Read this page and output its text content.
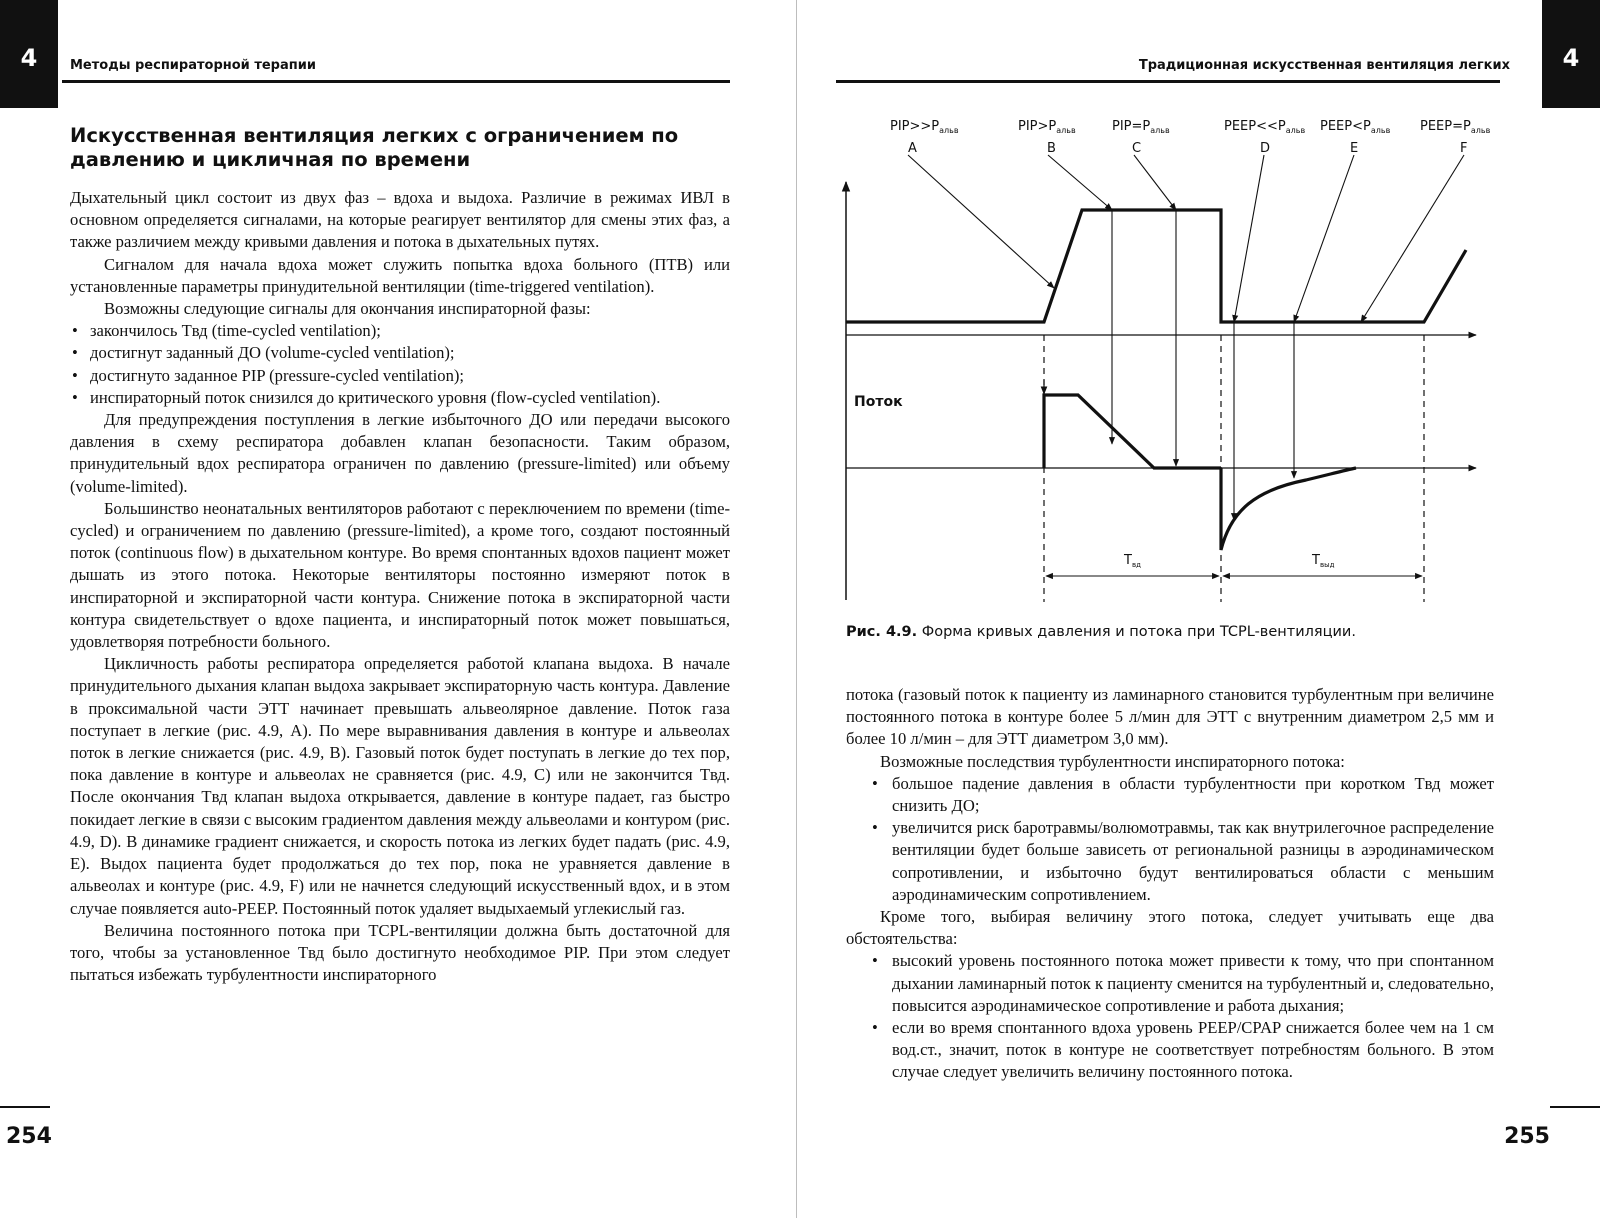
4	Методы респираторной терапии
Искусственная вентиляция легких с ограничением по давлению и цикличная по времени

Дыхательный цикл состоит из двух фаз – вдоха и выдоха. Различие в режимах ИВЛ в основном определяется сигналами, на которые реагирует вентилятор для смены этих фаз, а также различием между кривыми давления и потока в дыхательных путях.

Сигналом для начала вдоха может служить попытка вдоха больного (ПТВ) или установленные параметры принудительной вентиляции (time-triggered ventilation).

Возможны следующие сигналы для окончания инспираторной фазы:

• закончилось Tвд (time-cycled ventilation);
• достигнут заданный ДО (volume-cycled ventilation);
• достигнуто заданное PIP (pressure-cycled ventilation);
• инспираторный поток снизился до критического уровня (flow-cycled ventilation).

Для предупреждения поступления в легкие избыточного ДО или передачи высокого давления в схему респиратора добавлен клапан безопасности. Таким образом, принудительный вдох респиратора ограничен по давлению (pressure-limited) или объему (volume-limited).

Большинство неонатальных вентиляторов работают с переключением по времени (time-cycled) и ограничением по давлению (pressure-limited), а кроме того, создают постоянный поток (continuous flow) в дыхательном контуре. Во время спонтанных вдохов пациент может дышать из этого потока. Некоторые вентиляторы постоянно измеряют поток в инспираторной и экспираторной части контура. Снижение потока в экспираторной части контура свидетельствует о вдохе пациента, и инспираторный поток может повышаться, удовлетворяя потребности больного.

Цикличность работы респиратора определяется работой клапана выдоха. В начале принудительного дыхания клапан выдоха закрывает экспираторную часть контура. Давление в проксимальной части ЭТТ начинает превышать альвеолярное давление. Поток газа поступает в легкие (рис. 4.9, A). По мере выравнивания давления в контуре и альвеолах поток в легкие снижается (рис. 4.9, B). Газовый поток будет поступать в легкие до тех пор, пока давление в контуре и альвеолах не сравняется (рис. 4.9, C) или не закончится Tвд. После окончания Tвд клапан выдоха открывается, давление в контуре падает, газ быстро покидает легкие в связи с высоким градиентом давления между альвеолами и контуром (рис. 4.9, D). В динамике градиент снижается, и скорость потока из легких будет падать (рис. 4.9, E). Выдох пациента будет продолжаться до тех пор, пока не уравняется давление в альвеолах и контуре (рис. 4.9, F) или не начнется следующий искусственный вдох, и в этом случае появляется auto-PEEP. Постоянный поток удаляет выдыхаемый углекислый газ.

Величина постоянного потока при TCPL-вентиляции должна быть достаточной для того, чтобы за установленное Tвд было достигнуто необходимое PIP. При этом следует пытаться избежать турбулентности инспираторного

254
Традиционная искусственная вентиляция легких	4
$PIP>>P_{альв}$
A
$PIP>P_{альв}$
B
$PIP=P_{альв}$
C
$PEEP<<P_{альв}$
D
$PEEP<P_{альв}$
E
$PEEP=P_{альв}$
F
$T_{вд}$	$T_{выд}$
Поток
Рис. 4.9. Форма кривых давления и потока при TCPL-вентиляции.

потока (газовый поток к пациенту из ламинарного становится турбулентным при величине постоянного потока в контуре более 5 л/мин для ЭТТ с внутренним диаметром 2,5 мм и более 10 л/мин – для ЭТТ диаметром 3,0 мм).

Возможные последствия турбулентности инспираторного потока:

• большое падение давления в области турбулентности при коротком Tвд может снизить ДО;
• увеличится риск баротравмы/волюмотравмы, так как внутрилегочное распределение вентиляции будет больше зависеть от региональной разницы в аэродинамическом сопротивлении, и избыточно будут вентилироваться области с меньшим аэродинамическим сопротивлением.

Кроме того, выбирая величину этого потока, следует учитывать еще два обстоятельства:

• высокий уровень постоянного потока может привести к тому, что при спонтанном дыхании ламинарный поток к пациенту сменится на турбулентный и, следовательно, повысится аэродинамическое сопротивление и работа дыхания;
• если во время спонтанного вдоха уровень PEEP/CPAP снижается более чем на 1 см вод.ст., значит, поток в контуре не соответствует потребностям больного. В этом случае следует увеличить величину постоянного потока.
255
